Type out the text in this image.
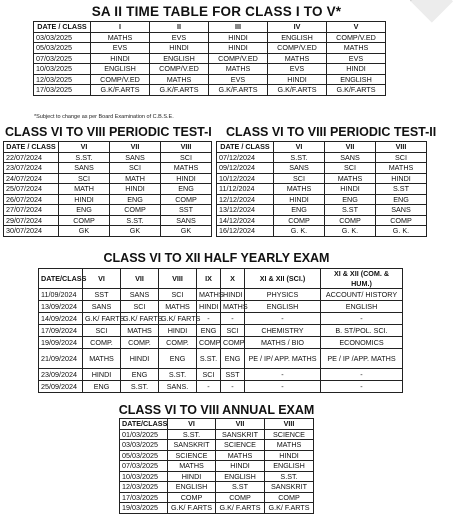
SA II TIME TABLE FOR CLASS I TO V*
DATE / CLASS	I	II	III	IV	V
03/03/2025	MATHS	EVS	HINDI	ENGLISH	COMP/V.ED
05/03/2025	EVS	HINDI	HINDI	COMP/V.ED	MATHS
07/03/2025	HINDI	ENGLISH	COMP/V.ED	MATHS	EVS
10/03/2025	ENGLISH	COMP/V.ED	MATHS	EVS	HINDI
12/03/2025	COMP/V.ED	MATHS	EVS	HINDI	ENGLISH
17/03/2025	G.K/F.ARTS	G.K/F.ARTS	G.K/F.ARTS	G.K/F.ARTS	G.K/F.ARTS
*Subject to change as per Board Examination of C.B.S.E.
CLASS VI TO VIII PERIODIC TEST-I
DATE / CLASS	VI	VII	VIII
22/07/2024	S.ST.	SANS	SCI
23/07/2024	SANS	SCI	MATHS
24/07/2024	SCI	MATH	HINDI
25/07/2024	MATH	HINDI	ENG
26/07/2024	HINDI	ENG	COMP
27/07/2024	ENG	COMP	SST
29/07/2024	COMP	S.ST.	SANS
30/07/2024	GK	GK	GK
CLASS VI TO VIII PERIODIC TEST-II
DATE / CLASS	VI	VII	VIII
07/12/2024	S.ST.	SANS	SCI
09/12/2024	SANS	SCI	MATHS
10/12/2024	SCI	MATHS	HINDI
11/12/2024	MATHS	HINDI	S.ST
12/12/2024	HINDI	ENG	ENG
13/12/2024	ENG	S.ST	SANS
14/12/2024	COMP	COMP	COMP
16/12/2024	G. K.	G. K.	G. K.
CLASS VI TO XII HALF YEARLY EXAM
DATE/CLASS	VI	VII	VIII	IX	X	XI & XII (SCI.)	XI & XII (COM. & HUM.)
11/09/2024	SST	SANS	SCI	MATHS	HINDI	PHYSICS	ACCOUNT/ HISTORY
13/09/2024	SANS	SCI	MATHS	HINDI	MATHS	ENGLISH	ENGLISH
14/09/2024	G.K/ FARTS	G.K/ FARTS	G.K/ FARTS	-	-	-	-
17/09/2024	SCI	MATHS	HINDI	ENG	SCI	CHEMISTRY	B. ST/POL. SCI.
19/09/2024	COMP.	COMP.	COMP.	COMP	COMP	MATHS / BIO	ECONOMICS
21/09/2024	MATHS	HINDI	ENG	S.ST.	ENG	PE / IP/ APP. MATHS	PE / IP /APP. MATHS
23/09/2024	HINDI	ENG	S.ST.	SCI	SST	-	-
25/09/2024	ENG	S.ST.	SANS.	-	-	-	-
CLASS VI TO VIII ANNUAL EXAM
DATE/CLASS	VI	VII	VIII
01/03/2025	S.ST.	SANSKRIT	SCIENCE
03/03/2025	SANSKRIT	SCIENCE	MATHS
05/03/2025	SCIENCE	MATHS	HINDI
07/03/2025	MATHS	HINDI	ENGLISH
10/03/2025	HINDI	ENGLISH	S.ST.
12/03/2025	ENGLISH	S.ST	SANSKRIT
17/03/2025	COMP	COMP	COMP
19/03/2025	G.K/ F.ARTS	G.K/ F.ARTS	G.K/ F.ARTS
